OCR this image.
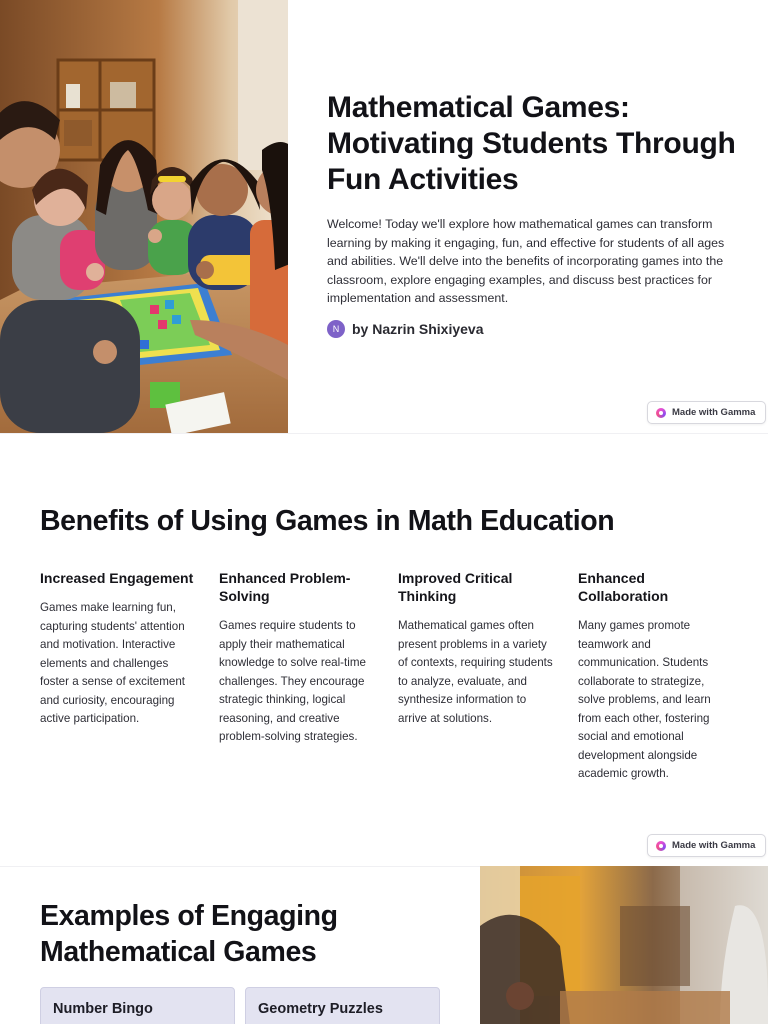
Mathematical Games: Motivating Students Through Fun Activities

Welcome! Today we'll explore how mathematical games can transform learning by making it engaging, fun, and effective for students of all ages and abilities. We'll delve into the benefits of incorporating games into the classroom, explore engaging examples, and discuss best practices for implementation and assessment.

N by Nazrin Shixiyeva
Made with Gamma
Benefits of Using Games in Math Education
Increased Engagement

Games make learning fun, capturing students' attention and motivation. Interactive elements and challenges foster a sense of excitement and curiosity, encouraging active participation.

Enhanced Problem-Solving

Games require students to apply their mathematical knowledge to solve real-time challenges. They encourage strategic thinking, logical reasoning, and creative problem-solving strategies.

Improved Critical Thinking

Mathematical games often present problems in a variety of contexts, requiring students to analyze, evaluate, and synthesize information to arrive at solutions.

Enhanced Collaboration

Many games promote teamwork and communication. Students collaborate to strategize, solve problems, and learn from each other, fostering social and emotional development alongside academic growth.

Made with Gamma
Examples of Engaging Mathematical Games
Number Bingo	Geometry Puzzles
